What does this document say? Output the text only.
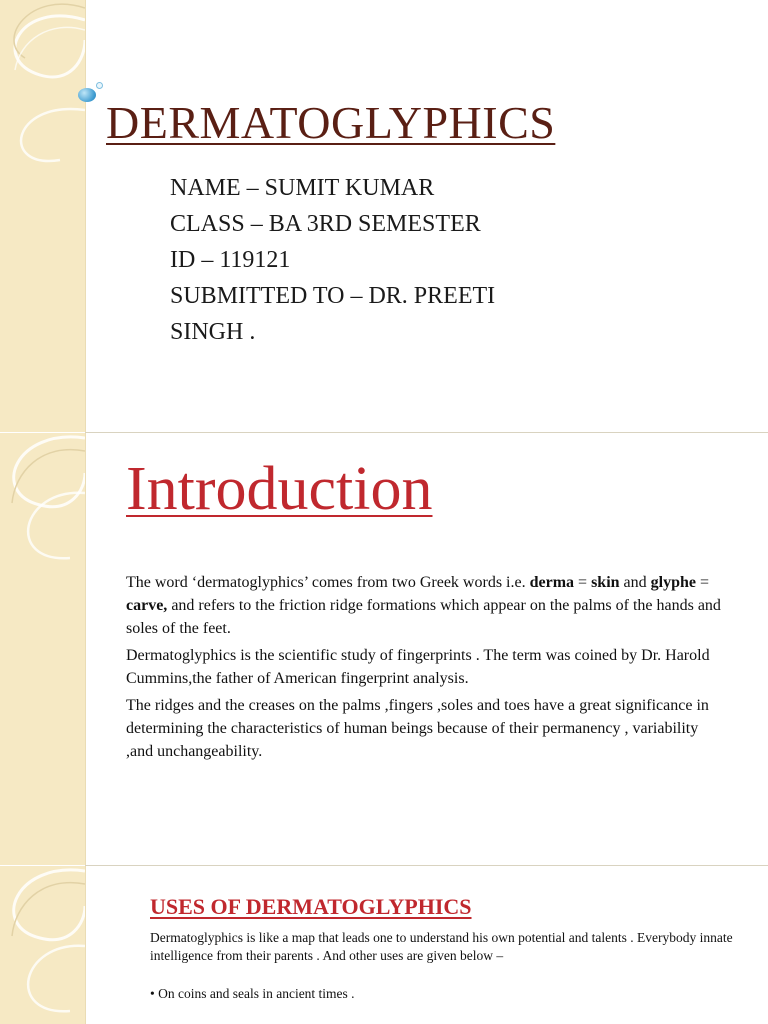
DERMATOGLYPHICS
NAME – SUMIT KUMAR
CLASS – BA 3RD SEMESTER
ID – 119121
SUBMITTED TO – DR. PREETI
SINGH .
Introduction

The word ‘dermatoglyphics’ comes from two Greek words i.e. derma = skin and glyphe = carve, and refers to the friction ridge formations which appear on the palms of the hands and soles of the feet.

Dermatoglyphics is the scientific study of fingerprints . The term was coined by Dr. Harold Cummins,the father of American fingerprint analysis.

The ridges and the creases on the palms ,fingers ,soles and toes have a great significance in determining the characteristics of human beings because of their permanency , variability ,and unchangeability.

USES OF DERMATOGLYPHICS

Dermatoglyphics is like a map that leads one to understand his own potential and talents . Everybody innate intelligence from their parents . And other uses are given below –

• On coins and seals in ancient times .
